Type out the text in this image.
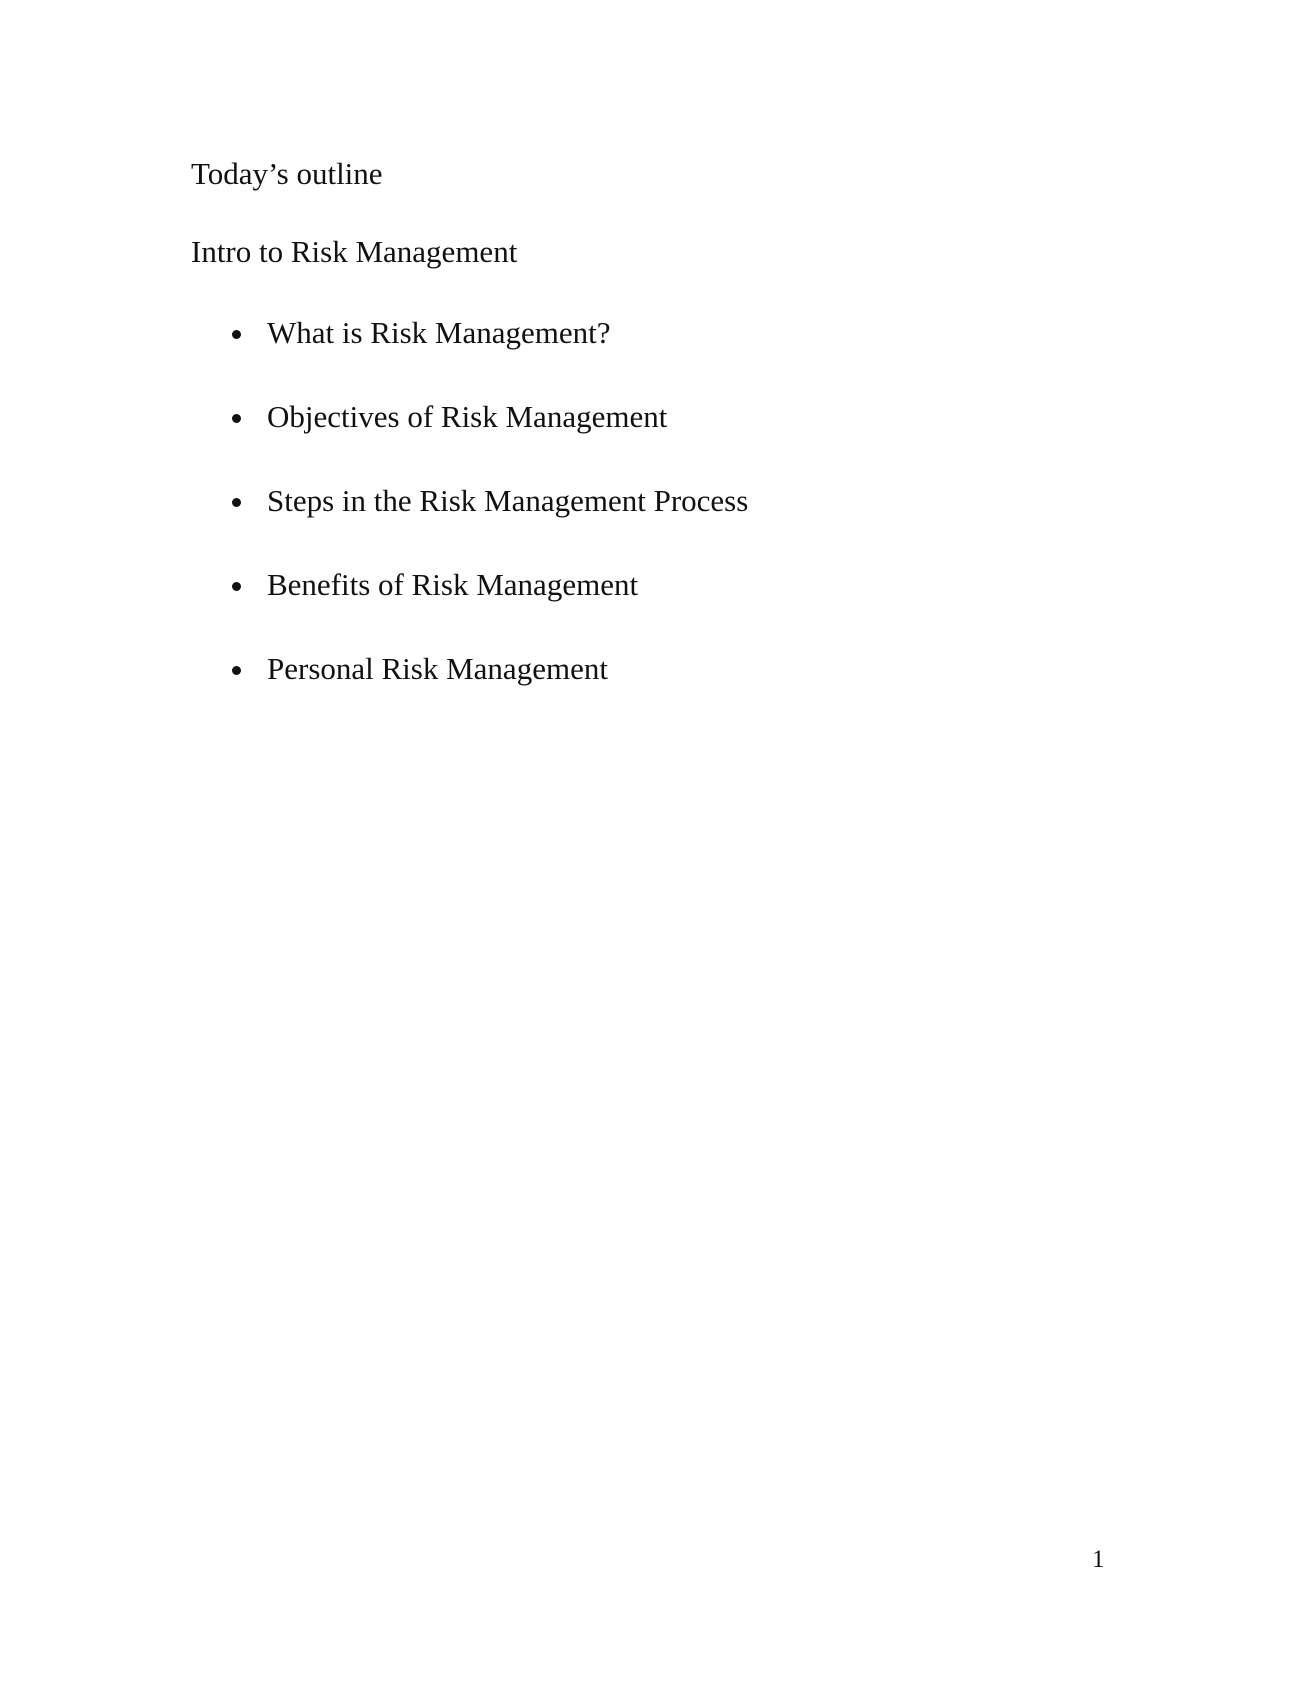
Today’s outline
Intro to Risk Management
What is Risk Management?
Objectives of Risk Management
Steps in the Risk Management Process
Benefits of Risk Management
Personal Risk Management
1
